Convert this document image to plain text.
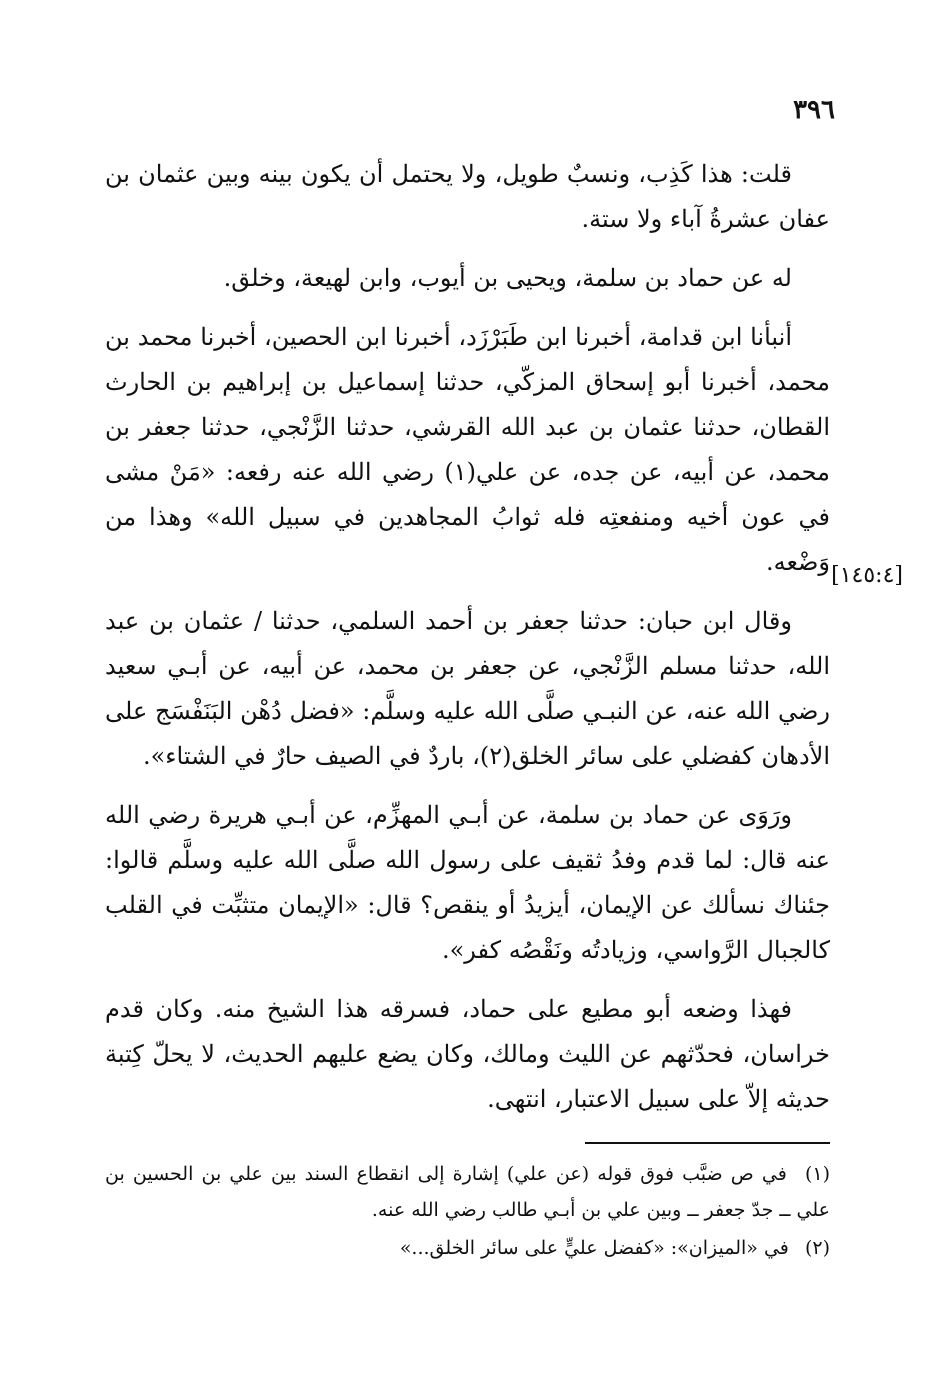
٣٩٦
[١٤٥:٤]

قلت: هذا كَذِب، ونسبٌ طويل، ولا يحتمل أن يكون بينه وبين عثمان بن عفان عشرةُ آباء ولا ستة.

له عن حماد بن سلمة، ويحيى بن أيوب، وابن لهيعة، وخلق.

أنبأنا ابن قدامة، أخبرنا ابن طَبَرْزَد، أخبرنا ابن الحصين، أخبرنا محمد بن محمد، أخبرنا أبو إسحاق المزكّي، حدثنا إسماعيل بن إبراهيم بن الحارث القطان، حدثنا عثمان بن عبد الله القرشي، حدثنا الزَّنْجي، حدثنا جعفر بن محمد، عن أبيه، عن جده، عن علي(١) رضي الله عنه رفعه: «مَنْ مشى في عون أخيه ومنفعتِه فله ثوابُ المجاهدين في سبيل الله» وهذا من وَضْعه.

وقال ابن حبان: حدثنا جعفر بن أحمد السلمي، حدثنا / عثمان بن عبد الله، حدثنا مسلم الزَّنْجي، عن جعفر بن محمد، عن أبيه، عن أبـي سعيد رضي الله عنه، عن النبـي صلَّى الله عليه وسلَّم: «فضل دُهْن البَنَفْسَج على الأدهان كفضلي على سائر الخلق(٢)، باردٌ في الصيف حارٌ في الشتاء».

ورَوَى عن حماد بن سلمة، عن أبـي المهزِّم، عن أبـي هريرة رضي الله عنه قال: لما قدم وفدُ ثقيف على رسول الله صلَّى الله عليه وسلَّم قالوا: جئناك نسألك عن الإيمان، أيزيدُ أو ينقص؟ قال: «الإيمان متثبِّت في القلب كالجبال الرَّواسي، وزيادتُه ونَقْصُه كفر».

فهذا وضعه أبو مطيع على حماد، فسرقه هذا الشيخ منه. وكان قدم خراسان، فحدّثهم عن الليث ومالك، وكان يضع عليهم الحديث، لا يحلّ كِتبة حديثه إلاّ على سبيل الاعتبار، انتهى.

(١) في ص ضبَّب فوق قوله (عن علي) إشارة إلى انقطاع السند بين علي بن الحسين بن علي ــ جدّ جعفر ــ وبين علي بن أبـي طالب رضي الله عنه.

(٢) في «الميزان»: «كفضل عليٍّ على سائر الخلق...»
